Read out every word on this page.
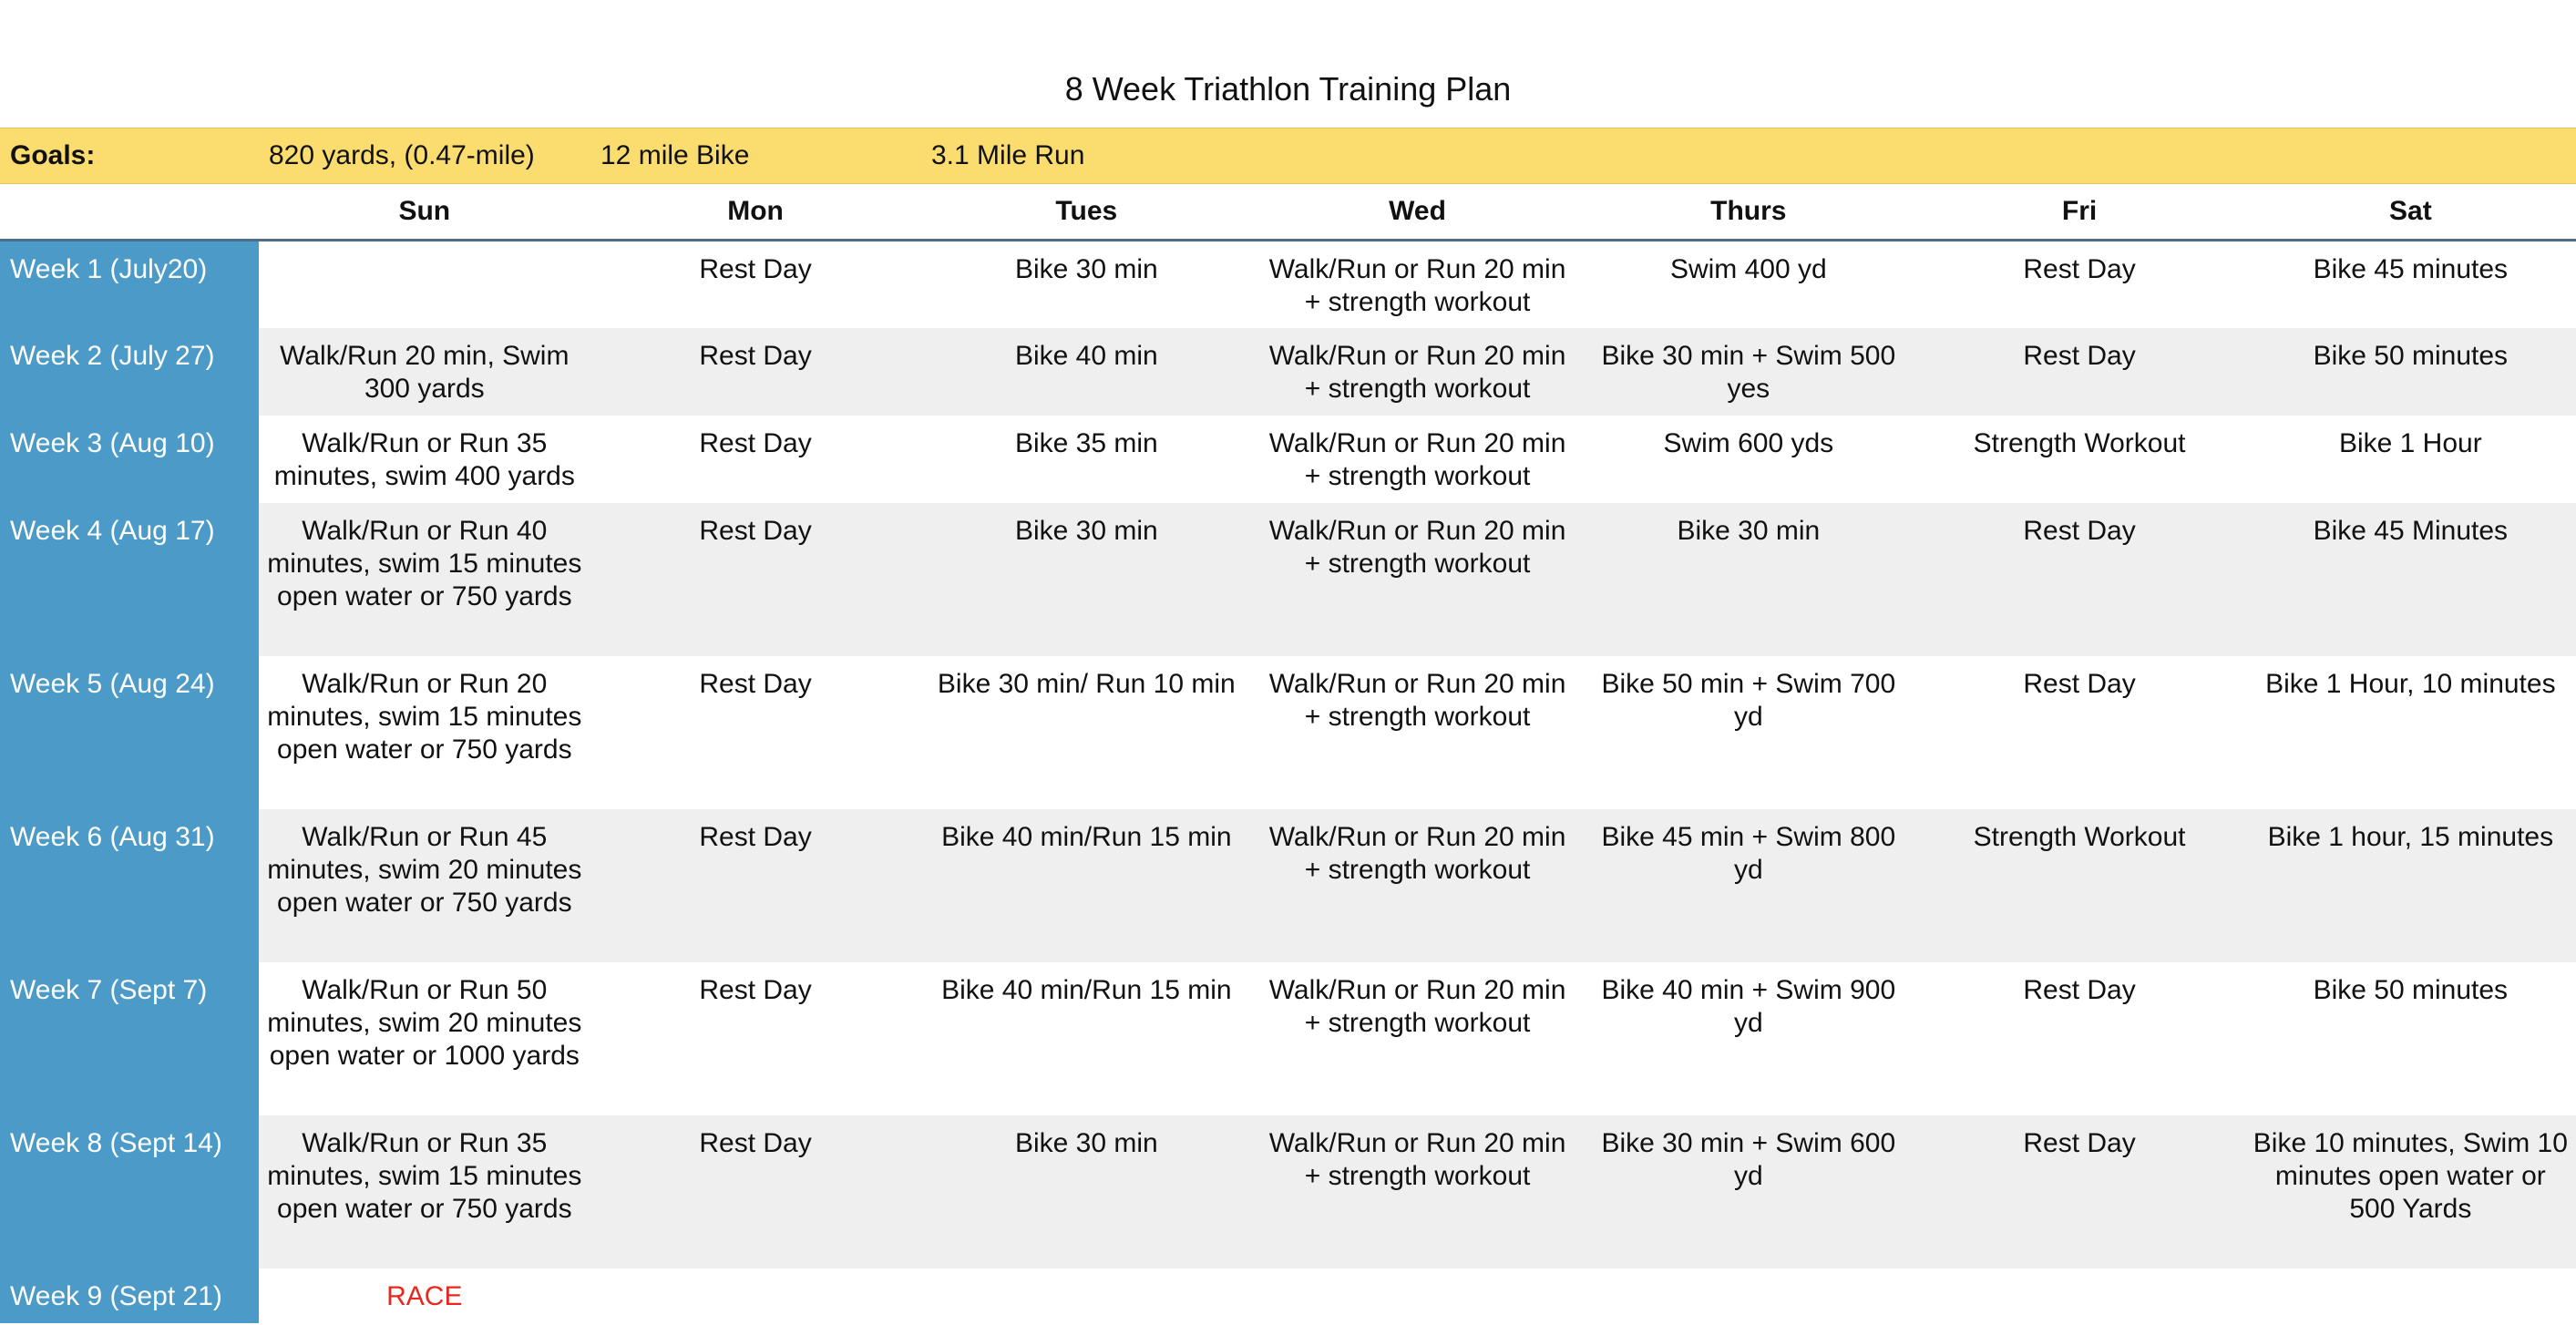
8 Week Triathlon Training Plan
Goals:	820 yards, (0.47-mile) 12 mile Bike	3.1 Mile Run
	Sun	Mon	Tues	Wed	Thurs	Fri	Sat
Week 1 (July20)		Rest Day	Bike 30 min	Walk/Run or Run 20 min + strength workout	Swim 400 yd	Rest Day	Bike 45 minutes
Week 2 (July 27)	Walk/Run 20 min, Swim 300 yards	Rest Day	Bike 40 min	Walk/Run or Run 20 min + strength workout	Bike 30 min + Swim 500 yes	Rest Day	Bike 50 minutes
Week 3 (Aug 10)	Walk/Run or Run 35 minutes, swim 400 yards	Rest Day	Bike 35 min	Walk/Run or Run 20 min + strength workout	Swim 600 yds	Strength Workout	Bike 1 Hour
Week 4 (Aug 17)	Walk/Run or Run 40 minutes, swim 15 minutes open water or 750 yards	Rest Day	Bike 30 min	Walk/Run or Run 20 min + strength workout	Bike 30 min	Rest Day	Bike 45 Minutes
Week 5 (Aug 24)	Walk/Run or Run 20 minutes, swim 15 minutes open water or 750 yards	Rest Day	Bike 30 min/ Run 10 min	Walk/Run or Run 20 min + strength workout	Bike 50 min + Swim 700 yd	Rest Day	Bike 1 Hour, 10 minutes
Week 6 (Aug 31)	Walk/Run or Run 45 minutes, swim 20 minutes open water or 750 yards	Rest Day	Bike 40 min/Run 15 min	Walk/Run or Run 20 min + strength workout	Bike 45 min + Swim 800 yd	Strength Workout	Bike 1 hour, 15 minutes
Week 7 (Sept 7)	Walk/Run or Run 50 minutes, swim 20 minutes open water or 1000 yards	Rest Day	Bike 40 min/Run 15 min	Walk/Run or Run 20 min + strength workout	Bike 40 min + Swim 900 yd	Rest Day	Bike 50 minutes
Week 8 (Sept 14)	Walk/Run or Run 35 minutes, swim 15 minutes open water or 750 yards	Rest Day	Bike 30 min	Walk/Run or Run 20 min + strength workout	Bike 30 min + Swim 600 yd	Rest Day	Bike 10 minutes, Swim 10 minutes open water or 500 Yards
Week 9 (Sept 21)	RACE						
